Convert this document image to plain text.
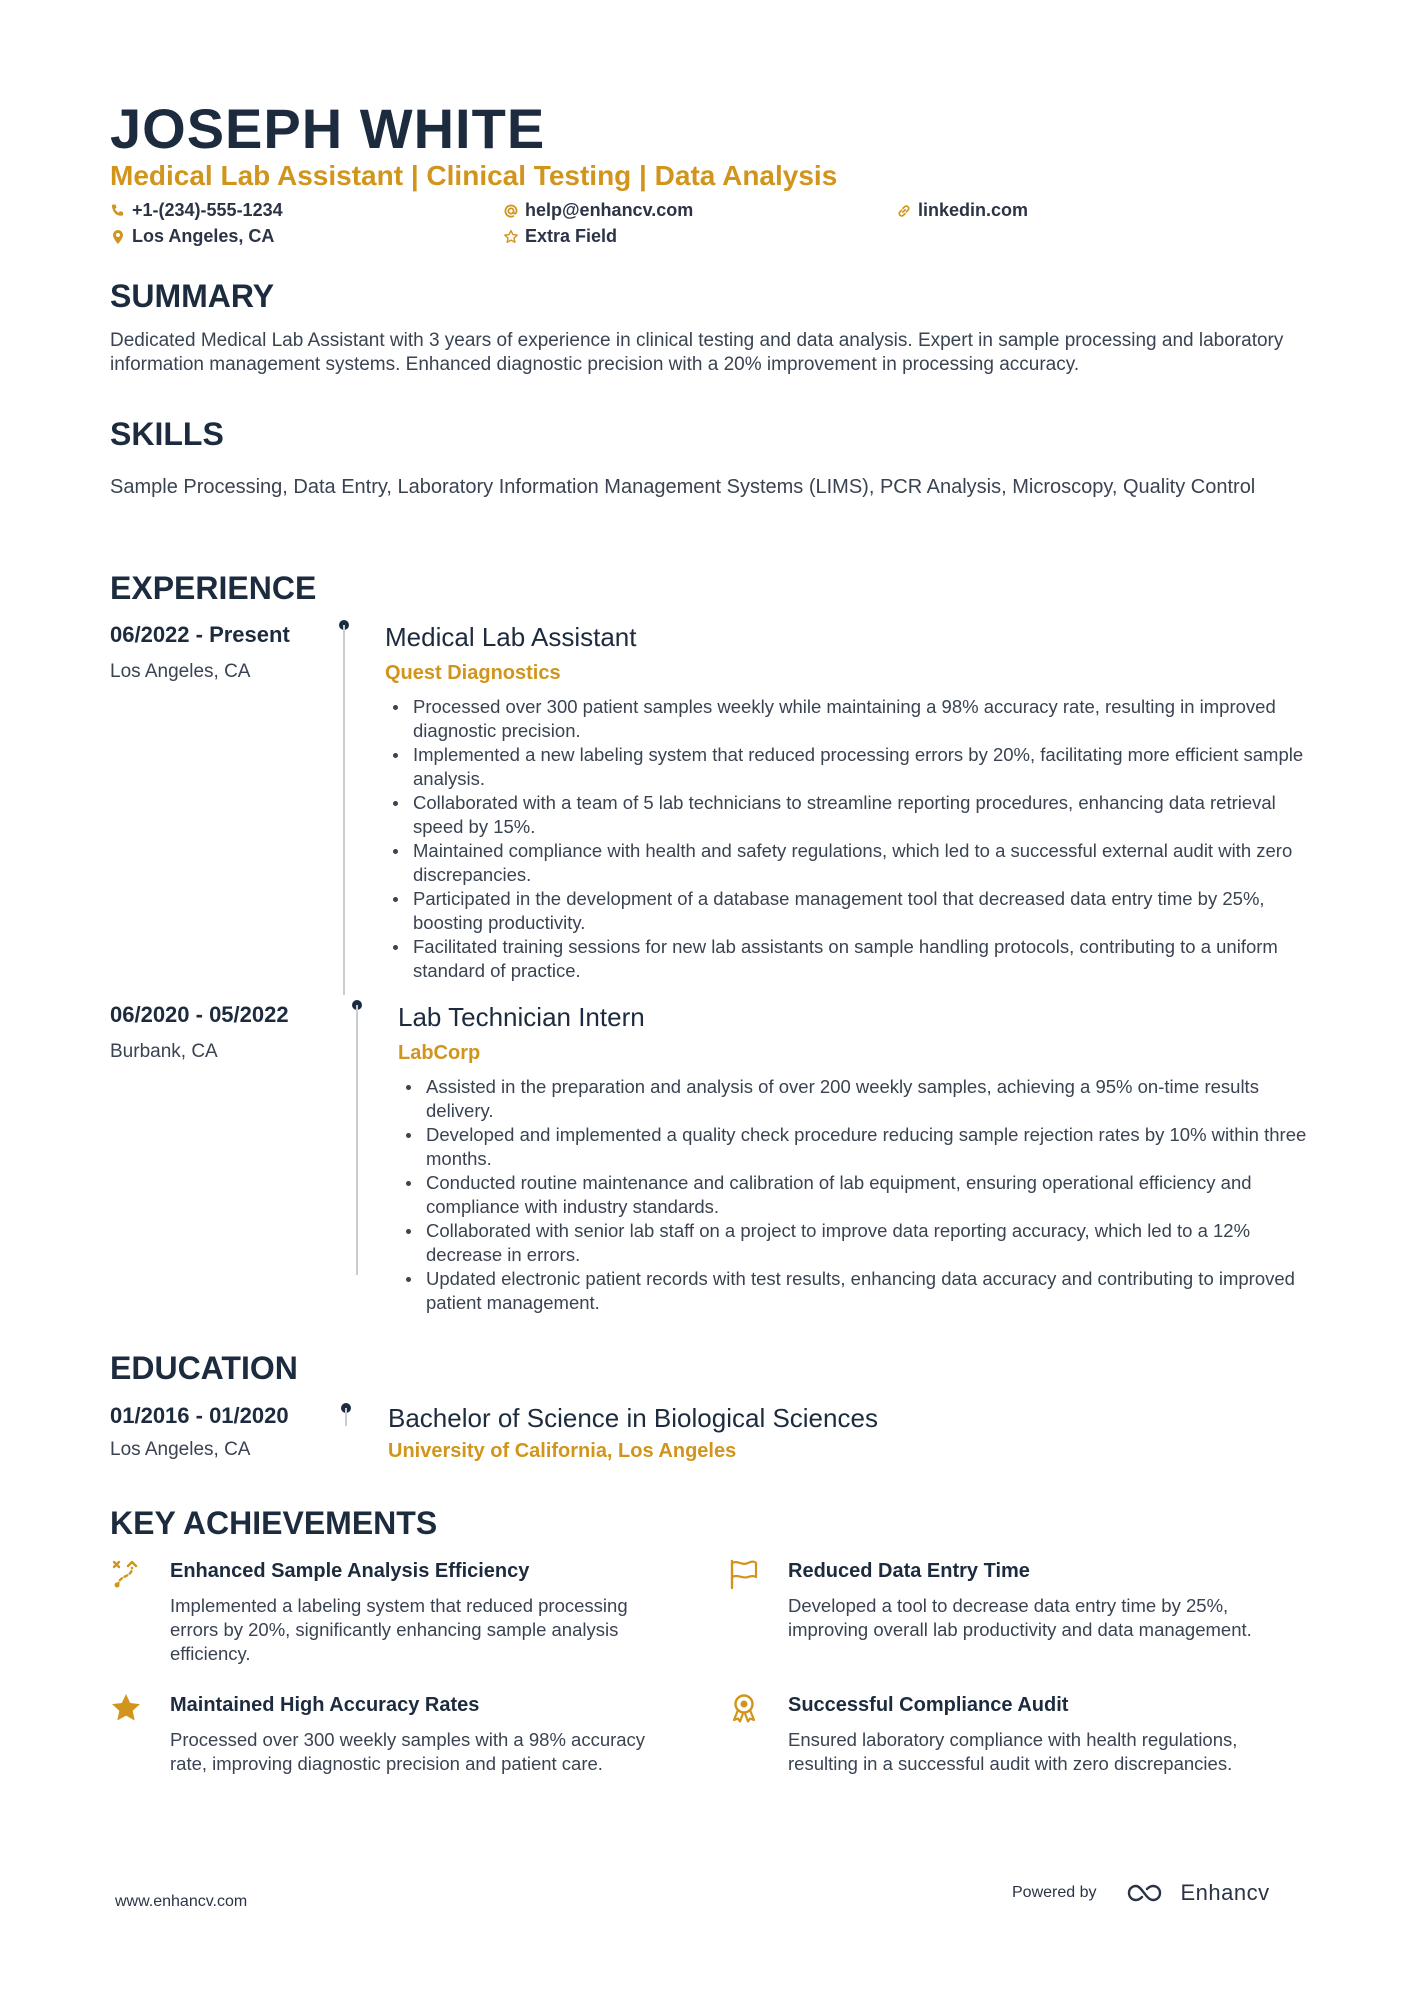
JOSEPH WHITE
Medical Lab Assistant | Clinical Testing | Data Analysis
+1-(234)-555-1234	help@enhancv.com	linkedin.com
Los Angeles, CA	Extra Field
SUMMARY
Dedicated Medical Lab Assistant with 3 years of experience in clinical testing and data analysis. Expert in sample processing and laboratory information management systems. Enhanced diagnostic precision with a 20% improvement in processing accuracy.
SKILLS
Sample Processing, Data Entry, Laboratory Information Management Systems (LIMS), PCR Analysis, Microscopy, Quality Control
EXPERIENCE
06/2022 - Present
Los Angeles, CA
Medical Lab Assistant
Quest Diagnostics
Processed over 300 patient samples weekly while maintaining a 98% accuracy rate, resulting in improved diagnostic precision.
Implemented a new labeling system that reduced processing errors by 20%, facilitating more efficient sample analysis.
Collaborated with a team of 5 lab technicians to streamline reporting procedures, enhancing data retrieval speed by 15%.
Maintained compliance with health and safety regulations, which led to a successful external audit with zero discrepancies.
Participated in the development of a database management tool that decreased data entry time by 25%, boosting productivity.
Facilitated training sessions for new lab assistants on sample handling protocols, contributing to a uniform standard of practice.
06/2020 - 05/2022
Burbank, CA
Lab Technician Intern
LabCorp
Assisted in the preparation and analysis of over 200 weekly samples, achieving a 95% on-time results delivery.
Developed and implemented a quality check procedure reducing sample rejection rates by 10% within three months.
Conducted routine maintenance and calibration of lab equipment, ensuring operational efficiency and compliance with industry standards.
Collaborated with senior lab staff on a project to improve data reporting accuracy, which led to a 12% decrease in errors.
Updated electronic patient records with test results, enhancing data accuracy and contributing to improved patient management.
EDUCATION
01/2016 - 01/2020
Los Angeles, CA
Bachelor of Science in Biological Sciences
University of California, Los Angeles
KEY ACHIEVEMENTS
Enhanced Sample Analysis Efficiency
Implemented a labeling system that reduced processing errors by 20%, significantly enhancing sample analysis efficiency.
Reduced Data Entry Time
Developed a tool to decrease data entry time by 25%, improving overall lab productivity and data management.
Maintained High Accuracy Rates
Processed over 300 weekly samples with a 98% accuracy rate, improving diagnostic precision and patient care.
Successful Compliance Audit
Ensured laboratory compliance with health regulations, resulting in a successful audit with zero discrepancies.
www.enhancv.com
Powered by	Enhancv
